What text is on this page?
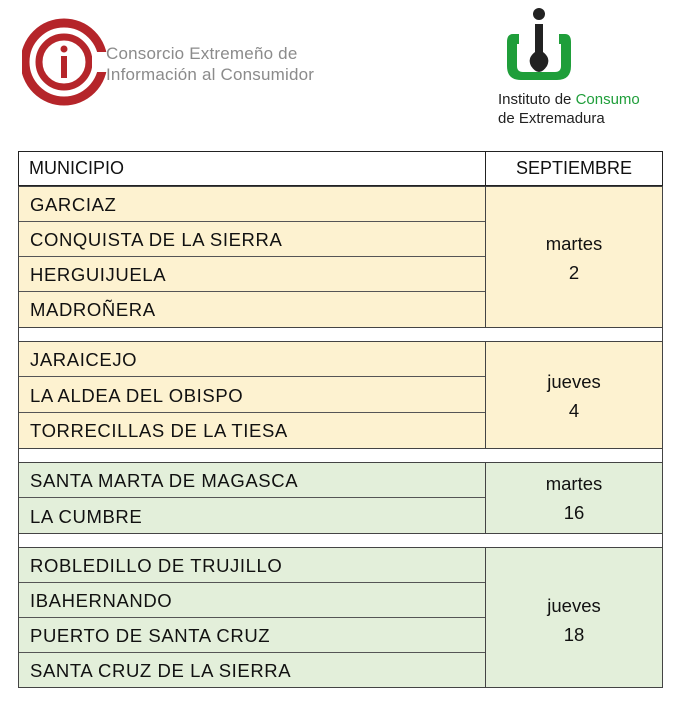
Consorcio Extremeño de
Información al Consumidor
Instituto de Consumo
de Extremadura
MUNICIPIO	SEPTIEMBRE
GARCIAZ
CONQUISTA DE LA SIERRA
HERGUIJUELA
MADROÑERA
martes
2
JARAICEJO
LA ALDEA DEL OBISPO
TORRECILLAS DE LA TIESA
jueves
4
SANTA MARTA DE MAGASCA
LA CUMBRE
martes
16
ROBLEDILLO DE TRUJILLO
IBAHERNANDO
PUERTO DE SANTA CRUZ
SANTA CRUZ DE LA SIERRA
jueves
18
